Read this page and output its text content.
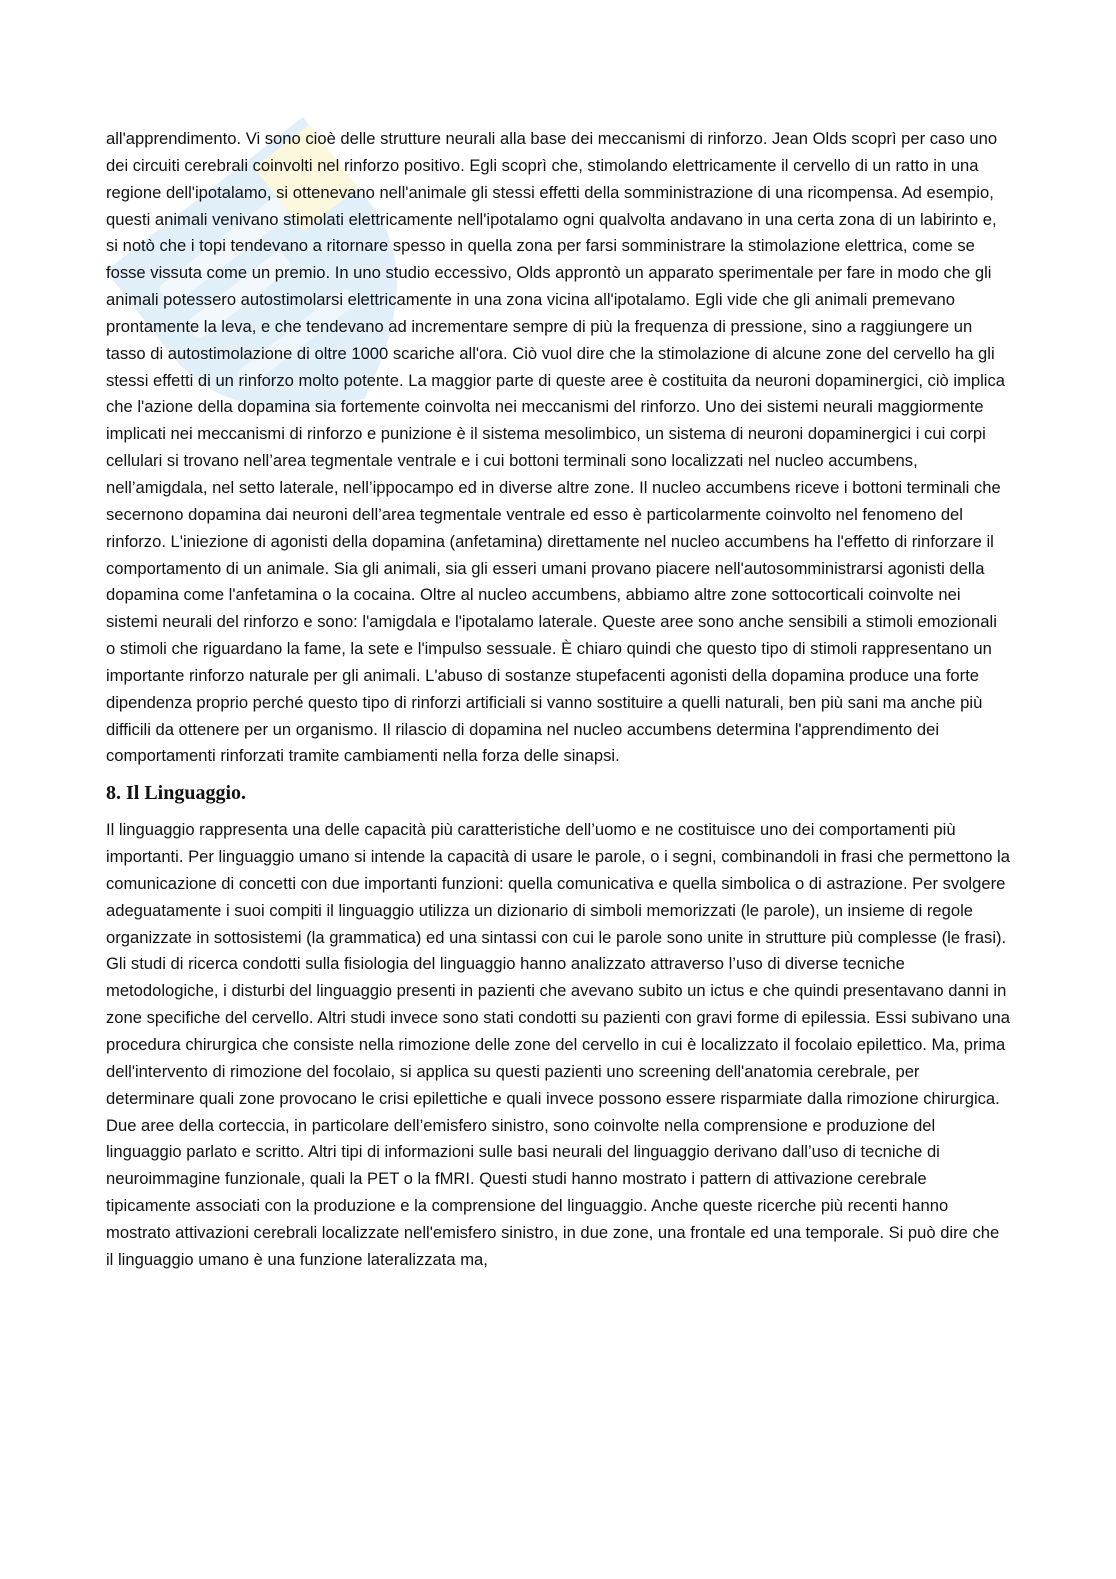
all'apprendimento. Vi sono cioè delle strutture neurali alla base dei meccanismi di rinforzo. Jean Olds scoprì per caso uno dei circuiti cerebrali coinvolti nel rinforzo positivo. Egli scoprì che, stimolando elettricamente il cervello di un ratto in una regione dell'ipotalamo, si ottenevano nell'animale gli stessi effetti della somministrazione di una ricompensa. Ad esempio, questi animali venivano stimolati elettricamente nell'ipotalamo ogni qualvolta andavano in una certa zona di un labirinto e, si notò che i topi tendevano a ritornare spesso in quella zona per farsi somministrare la stimolazione elettrica, come se fosse vissuta come un premio. In uno studio eccessivo, Olds approntò un apparato sperimentale per fare in modo che gli animali potessero autostimolarsi elettricamente in una zona vicina all'ipotalamo. Egli vide che gli animali premevano prontamente la leva, e che tendevano ad incrementare sempre di più la frequenza di pressione, sino a raggiungere un tasso di autostimolazione di oltre 1000 scariche all'ora. Ciò vuol dire che la stimolazione di alcune zone del cervello ha gli stessi effetti di un rinforzo molto potente. La maggior parte di queste aree è costituita da neuroni dopaminergici, ciò implica che l'azione della dopamina sia fortemente coinvolta nei meccanismi del rinforzo. Uno dei sistemi neurali maggiormente implicati nei meccanismi di rinforzo e punizione è il sistema mesolimbico, un sistema di neuroni dopaminergici i cui corpi cellulari si trovano nell’area tegmentale ventrale e i cui bottoni terminali sono localizzati nel nucleo accumbens, nell’amigdala, nel setto laterale, nell’ippocampo ed in diverse altre zone. Il nucleo accumbens riceve i bottoni terminali che secernono dopamina dai neuroni dell’area tegmentale ventrale ed esso è particolarmente coinvolto nel fenomeno del rinforzo. L'iniezione di agonisti della dopamina (anfetamina) direttamente nel nucleo accumbens ha l'effetto di rinforzare il comportamento di un animale. Sia gli animali, sia gli esseri umani provano piacere nell'autosomministrarsi agonisti della dopamina come l'anfetamina o la cocaina. Oltre al nucleo accumbens, abbiamo altre zone sottocorticali coinvolte nei sistemi neurali del rinforzo e sono: l'amigdala e l'ipotalamo laterale. Queste aree sono anche sensibili a stimoli emozionali o stimoli che riguardano la fame, la sete e l'impulso sessuale. È chiaro quindi che questo tipo di stimoli rappresentano un importante rinforzo naturale per gli animali. L'abuso di sostanze stupefacenti agonisti della dopamina produce una forte dipendenza proprio perché questo tipo di rinforzi artificiali si vanno sostituire a quelli naturali, ben più sani ma anche più difficili da ottenere per un organismo. Il rilascio di dopamina nel nucleo accumbens determina l'apprendimento dei comportamenti rinforzati tramite cambiamenti nella forza delle sinapsi.

8. Il Linguaggio.

Il linguaggio rappresenta una delle capacità più caratteristiche dell’uomo e ne costituisce uno dei comportamenti più importanti. Per linguaggio umano si intende la capacità di usare le parole, o i segni, combinandoli in frasi che permettono la comunicazione di concetti con due importanti funzioni: quella comunicativa e quella simbolica o di astrazione. Per svolgere adeguatamente i suoi compiti il linguaggio utilizza un dizionario di simboli memorizzati (le parole), un insieme di regole organizzate in sottosistemi (la grammatica) ed una sintassi con cui le parole sono unite in strutture più complesse (le frasi). Gli studi di ricerca condotti sulla fisiologia del linguaggio hanno analizzato attraverso l’uso di diverse tecniche metodologiche, i disturbi del linguaggio presenti in pazienti che avevano subito un ictus e che quindi presentavano danni in zone specifiche del cervello. Altri studi invece sono stati condotti su pazienti con gravi forme di epilessia. Essi subivano una procedura chirurgica che consiste nella rimozione delle zone del cervello in cui è localizzato il focolaio epilettico. Ma, prima dell'intervento di rimozione del focolaio, si applica su questi pazienti uno screening dell'anatomia cerebrale, per determinare quali zone provocano le crisi epilettiche e quali invece possono essere risparmiate dalla rimozione chirurgica. Due aree della corteccia, in particolare dell’emisfero sinistro, sono coinvolte nella comprensione e produzione del linguaggio parlato e scritto. Altri tipi di informazioni sulle basi neurali del linguaggio derivano dall’uso di tecniche di neuroimmagine funzionale, quali la PET o la fMRI. Questi studi hanno mostrato i pattern di attivazione cerebrale tipicamente associati con la produzione e la comprensione del linguaggio. Anche queste ricerche più recenti hanno mostrato attivazioni cerebrali localizzate nell'emisfero sinistro, in due zone, una frontale ed una temporale. Si può dire che il linguaggio umano è una funzione lateralizzata ma,
